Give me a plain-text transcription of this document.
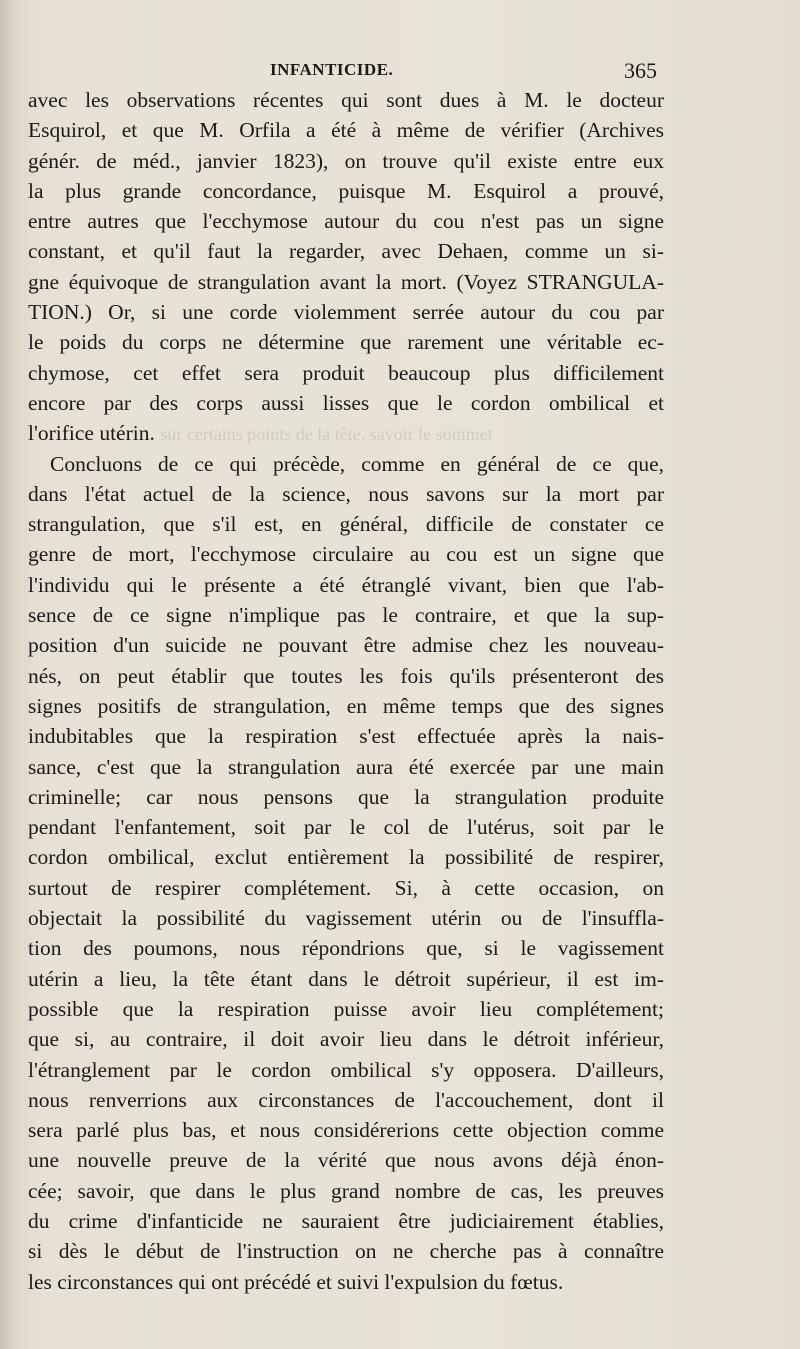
INFANTICIDE.	365
avec les observations récentes qui sont dues à M. le docteur
Esquirol, et que M. Orfila a été à même de vérifier (Archives
génér. de méd., janvier 1823), on trouve qu'il existe entre eux
la plus grande concordance, puisque M. Esquirol a prouvé,
entre autres que l'ecchymose autour du cou n'est pas un signe
constant, et qu'il faut la regarder, avec Dehaen, comme un si-
gne équivoque de strangulation avant la mort. (Voyez STRANGULA-
TION.) Or, si une corde violemment serrée autour du cou par
le poids du corps ne détermine que rarement une véritable ec-
chymose, cet effet sera produit beaucoup plus difficilement
encore par des corps aussi lisses que le cordon ombilical et
l'orifice utérin. sur certains points de la tête, savoir le sommet
Concluons de ce qui précède, comme en général de ce que,
dans l'état actuel de la science, nous savons sur la mort par
strangulation, que s'il est, en général, difficile de constater ce
genre de mort, l'ecchymose circulaire au cou est un signe que
l'individu qui le présente a été étranglé vivant, bien que l'ab-
sence de ce signe n'implique pas le contraire, et que la sup-
position d'un suicide ne pouvant être admise chez les nouveau-
nés, on peut établir que toutes les fois qu'ils présenteront des
signes positifs de strangulation, en même temps que des signes
indubitables que la respiration s'est effectuée après la nais-
sance, c'est que la strangulation aura été exercée par une main
criminelle; car nous pensons que la strangulation produite
pendant l'enfantement, soit par le col de l'utérus, soit par le
cordon ombilical, exclut entièrement la possibilité de respirer,
surtout de respirer complétement. Si, à cette occasion, on
objectait la possibilité du vagissement utérin ou de l'insuffla-
tion des poumons, nous répondrions que, si le vagissement
utérin a lieu, la tête étant dans le détroit supérieur, il est im-
possible que la respiration puisse avoir lieu complétement;
que si, au contraire, il doit avoir lieu dans le détroit inférieur,
l'étranglement par le cordon ombilical s'y opposera. D'ailleurs,
nous renverrions aux circonstances de l'accouchement, dont il
sera parlé plus bas, et nous considérerions cette objection comme
une nouvelle preuve de la vérité que nous avons déjà énon-
cée; savoir, que dans le plus grand nombre de cas, les preuves
du crime d'infanticide ne sauraient être judiciairement établies,
si dès le début de l'instruction on ne cherche pas à connaître
les circonstances qui ont précédé et suivi l'expulsion du fœtus.
